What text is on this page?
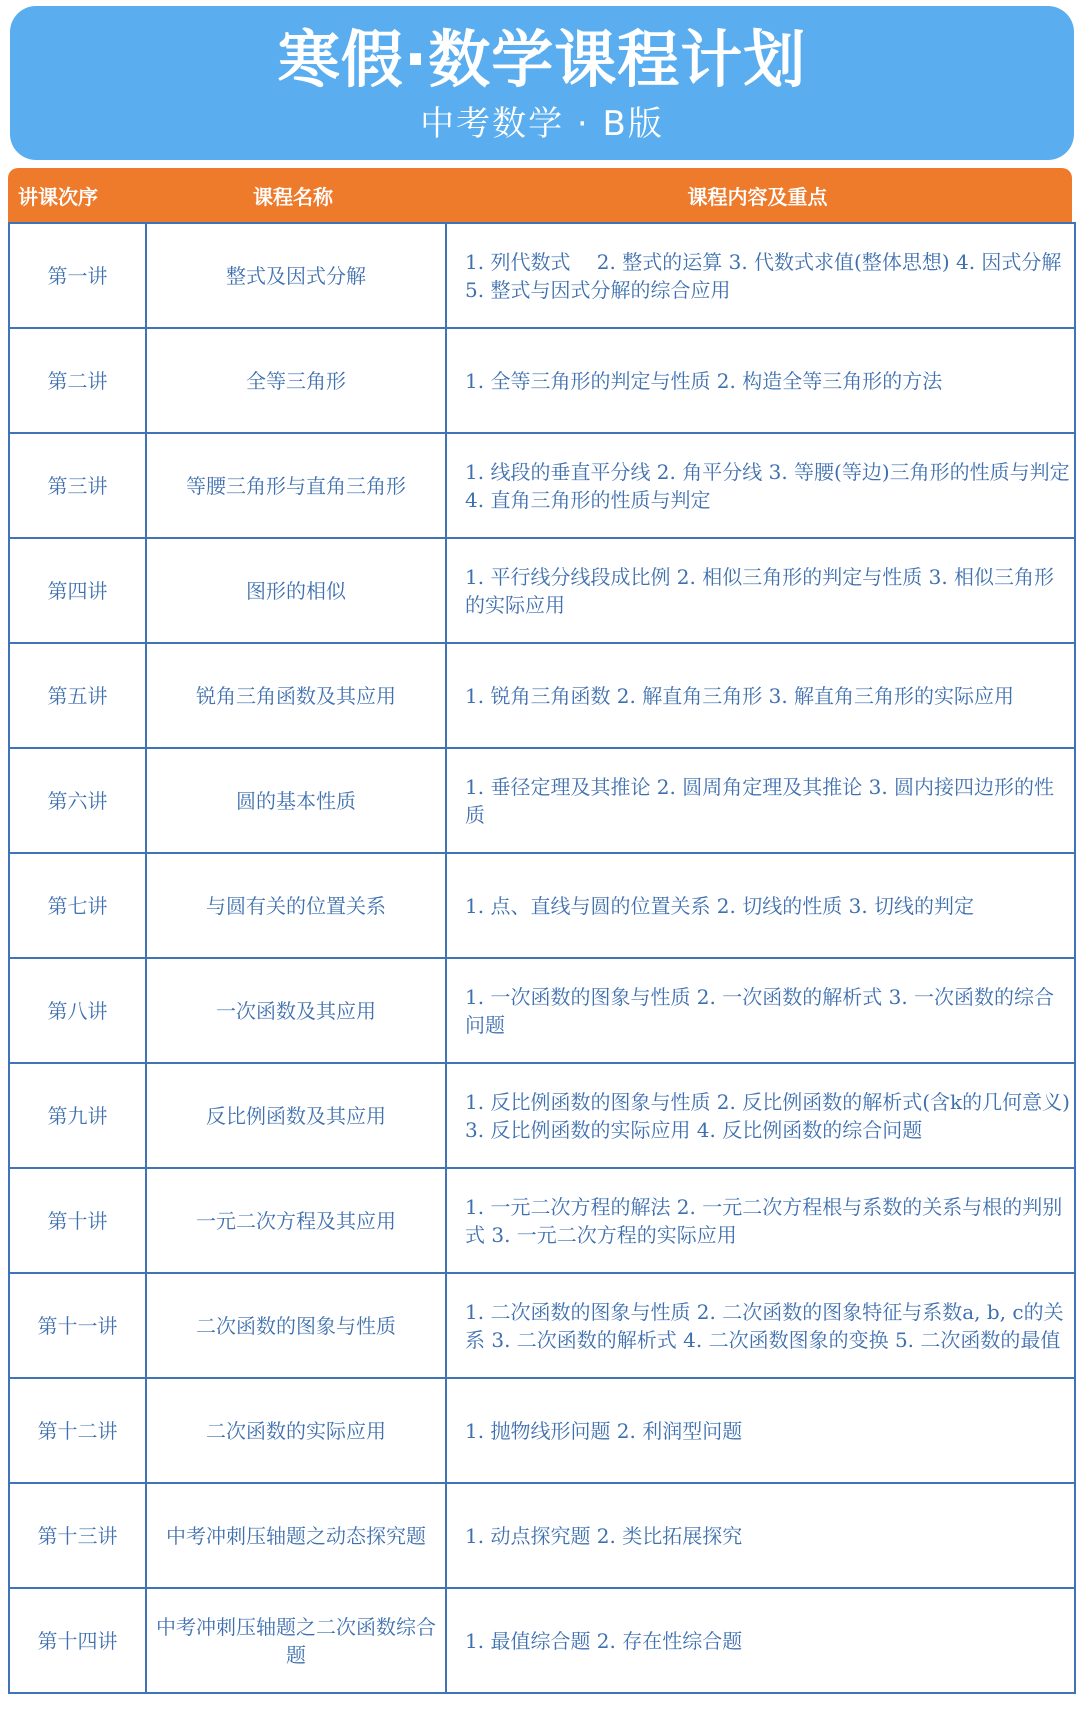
寒假·数学课程计划
中考数学 · B版
讲课次序	课程名称	课程内容及重点
第一讲	整式及因式分解	1. 列代数式　 2. 整式的运算 3. 代数式求值(整体思想) 4. 因式分解 5. 整式与因式分解的综合应用
第二讲	全等三角形	1. 全等三角形的判定与性质 2. 构造全等三角形的方法
第三讲	等腰三角形与直角三角形	1. 线段的垂直平分线 2. 角平分线 3. 等腰(等边)三角形的性质与判定 4. 直角三角形的性质与判定
第四讲	图形的相似	1. 平行线分线段成比例 2. 相似三角形的判定与性质 3. 相似三角形的实际应用
第五讲	锐角三角函数及其应用	1. 锐角三角函数 2. 解直角三角形 3. 解直角三角形的实际应用
第六讲	圆的基本性质	1. 垂径定理及其推论 2. 圆周角定理及其推论 3. 圆内接四边形的性质
第七讲	与圆有关的位置关系	1. 点、直线与圆的位置关系 2. 切线的性质 3. 切线的判定
第八讲	一次函数及其应用	1. 一次函数的图象与性质 2. 一次函数的解析式 3. 一次函数的综合问题
第九讲	反比例函数及其应用	1. 反比例函数的图象与性质 2. 反比例函数的解析式(含k的几何意义) 3. 反比例函数的实际应用 4. 反比例函数的综合问题
第十讲	一元二次方程及其应用	1. 一元二次方程的解法 2. 一元二次方程根与系数的关系与根的判别式 3. 一元二次方程的实际应用
第十一讲	二次函数的图象与性质	1. 二次函数的图象与性质 2. 二次函数的图象特征与系数a, b, c的关系 3. 二次函数的解析式 4. 二次函数图象的变换 5. 二次函数的最值
第十二讲	二次函数的实际应用	1. 抛物线形问题 2. 利润型问题
第十三讲	中考冲刺压轴题之动态探究题	1. 动点探究题 2. 类比拓展探究
第十四讲	中考冲刺压轴题之二次函数综合题	1. 最值综合题 2. 存在性综合题
